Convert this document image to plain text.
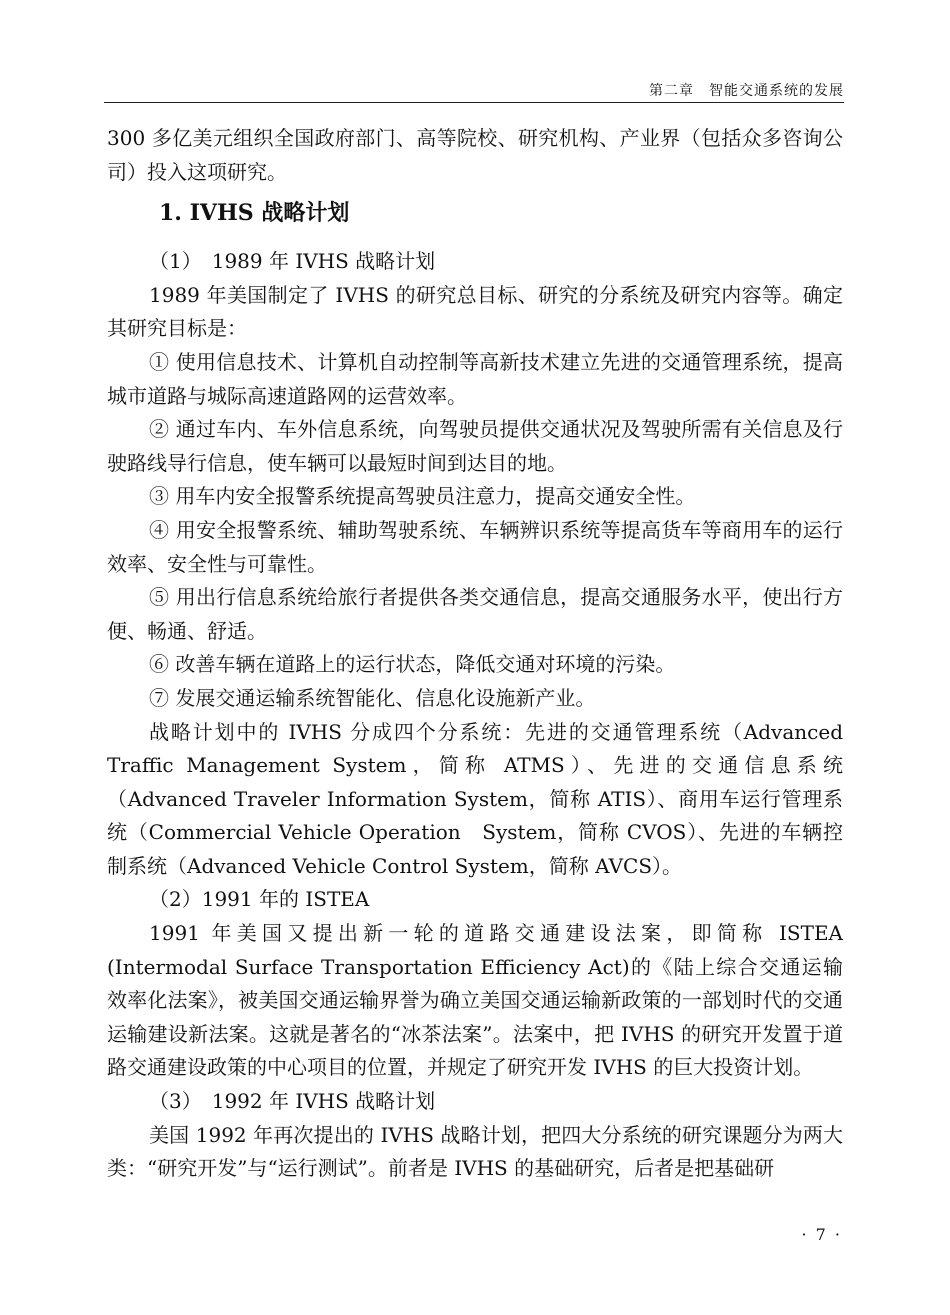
第二章　智能交通系统的发展

300 多亿美元组织全国政府部门、高等院校、研究机构、产业界（包括众多咨询公司）投入这项研究。

1. IVHS 战略计划

（1）　1989 年 IVHS 战略计划

1989 年美国制定了 IVHS 的研究总目标、研究的分系统及研究内容等。确定其研究目标是：

① 使用信息技术、计算机自动控制等高新技术建立先进的交通管理系统，提高城市道路与城际高速道路网的运营效率。

② 通过车内、车外信息系统，向驾驶员提供交通状况及驾驶所需有关信息及行驶路线导行信息，使车辆可以最短时间到达目的地。

③ 用车内安全报警系统提高驾驶员注意力，提高交通安全性。

④ 用安全报警系统、辅助驾驶系统、车辆辨识系统等提高货车等商用车的运行效率、安全性与可靠性。

⑤ 用出行信息系统给旅行者提供各类交通信息，提高交通服务水平，使出行方便、畅通、舒适。

⑥ 改善车辆在道路上的运行状态，降低交通对环境的污染。

⑦ 发展交通运输系统智能化、信息化设施新产业。

战略计划中的 IVHS 分成四个分系统：先进的交通管理系统（Advanced Traffic Management System，简称 ATMS）、先进的交通信息系统（Advanced Traveler Information System，简称 ATIS）、商用车运行管理系统（Commercial Vehicle Operation　System，简称 CVOS）、先进的车辆控制系统（Advanced Vehicle Control System，简称 AVCS）。

（2）1991 年的 ISTEA

1991 年美国又提出新一轮的道路交通建设法案，即简称 ISTEA (Intermodal Surface Transportation Efficiency Act)的《陆上综合交通运输效率化法案》，被美国交通运输界誉为确立美国交通运输新政策的一部划时代的交通运输建设新法案。这就是著名的“冰茶法案”。法案中，把 IVHS 的研究开发置于道路交通建设政策的中心项目的位置，并规定了研究开发 IVHS 的巨大投资计划。

（3）　1992 年 IVHS 战略计划

美国 1992 年再次提出的 IVHS 战略计划，把四大分系统的研究课题分为两大类：“研究开发”与“运行测试”。前者是 IVHS 的基础研究，后者是把基础研

· 7 ·
